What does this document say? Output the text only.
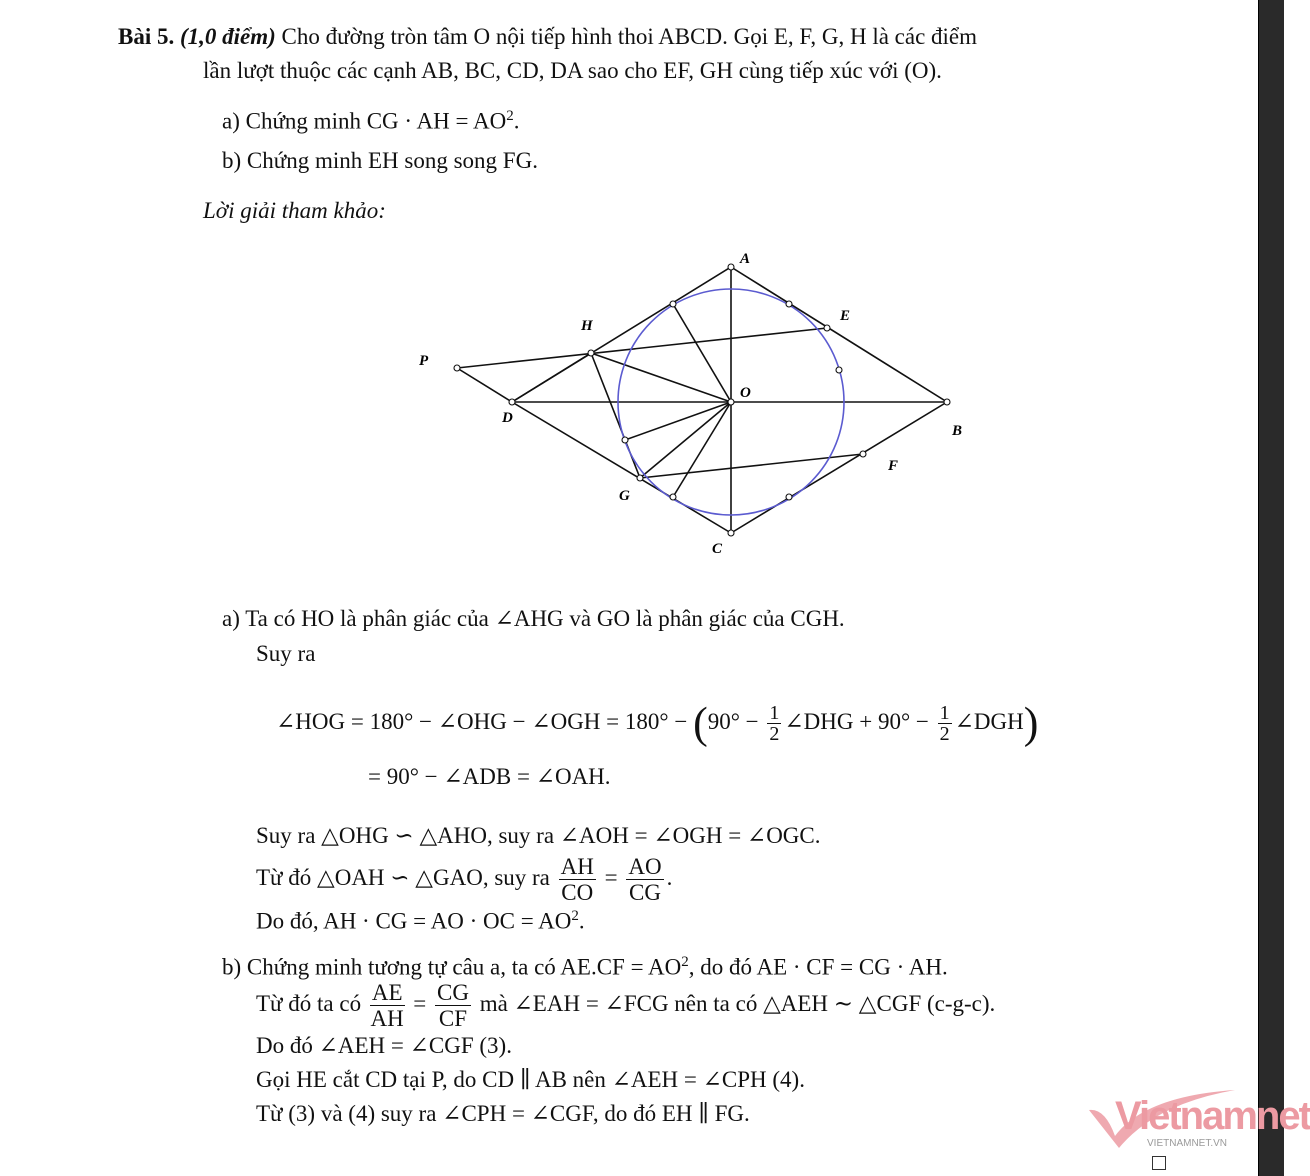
Bài 5. (1,0 điểm) Cho đường tròn tâm O nội tiếp hình thoi ABCD. Gọi E, F, G, H là các điểm
lần lượt thuộc các cạnh AB, BC, CD, DA sao cho EF, GH cùng tiếp xúc với (O).
a) Chứng minh CG · AH = $AO^2$.
b) Chứng minh EH song song FG.
Lời giải tham khảo:
A
E
H
P
O
D
B
F
G
C
a) Ta có HO là phân giác của ∠AHG và GO là phân giác của CGH.
Suy ra
∠HOG = 180° − ∠OHG − ∠OGH = $180^\circ - (90^\circ - \frac{1}{2}$ ∠DHG + $90^\circ - \frac{1}{2}$ ∠DGH)
= 90° − ∠ADB = ∠OAH.
Suy ra △OHG ∽ △AHO, suy ra ∠AOH = ∠OGH = ∠OGC.
Từ đó △OAH ∽ △GAO, suy ra $\frac{AH}{CO} = \frac{AO}{CG}$ .
Do đó, AH · CG = AO · OC = $AO^2$.
b) Chứng minh tương tự câu a, ta có $AE.CF = AO^2$, do đó AE · CF = CG · AH.
Từ đó ta có $\frac{AE}{AH} = \frac{CG}{CF}$ mà ∠EAH = ∠FCG nên ta có △AEH ∼ △CGF (c-g-c).
Do đó ∠AEH = ∠CGF (3).
Gọi HE cắt CD tại P, do CD ∥ AB nên ∠AEH = ∠CPH (4).
Từ (3) và (4) suy ra ∠CPH = ∠CGF, do đó EH ∥ FG.	Vietnamnet
VIETNAMNET.VN
